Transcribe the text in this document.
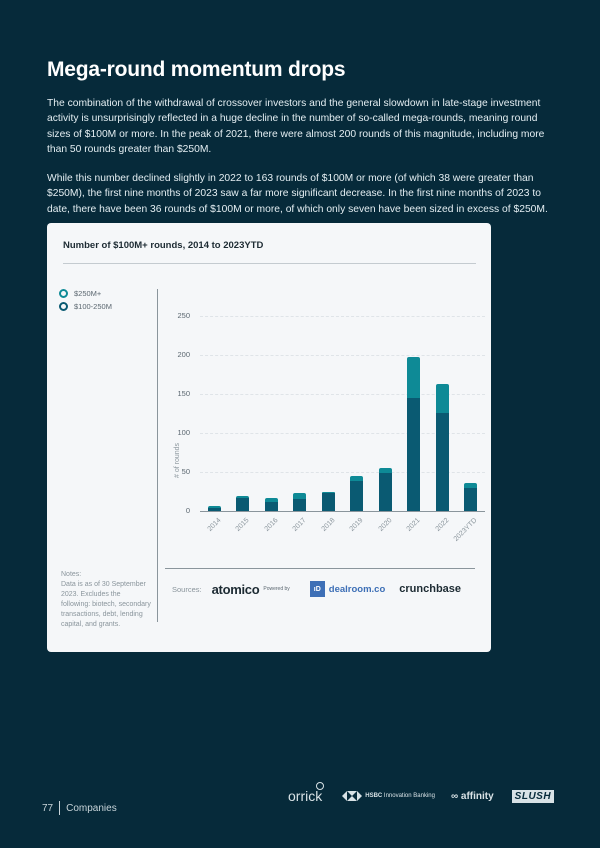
Mega-round momentum drops

The combination of the withdrawal of crossover investors and the general slowdown in late-stage investment activity is unsurprisingly reflected in a huge decline in the number of so-called mega-rounds, meaning round sizes of $100M or more. In the peak of 2021, there were almost 200 rounds of this magnitude, including more than 50 rounds greater than $250M.

While this number declined slightly in 2022 to 163 rounds of $100M or more (of which 38 were greater than $250M), the first nine months of 2023 saw a far more significant decrease. In the first nine months of 2023 to date, there have been 36 rounds of $100M or more, of which only seven have been sized in excess of $250M.

Number of $100M+ rounds, 2014 to 2023YTD
$250M+
$100-250M
# of rounds
0
50
100
150
200
250
2014 2015 2016 2017 2018 2019 2020 2021 2022 2023YTD
Notes:
Data is as of 30 September 2023. Excludes the following: biotech, secondary transactions, debt, lending capital, and grants.
Sources: atomico Powered by	ıD dealroom.co crunchbase
77 Companies
orrick	HSBC Innovation Banking ∞ affinity	SLUSH
